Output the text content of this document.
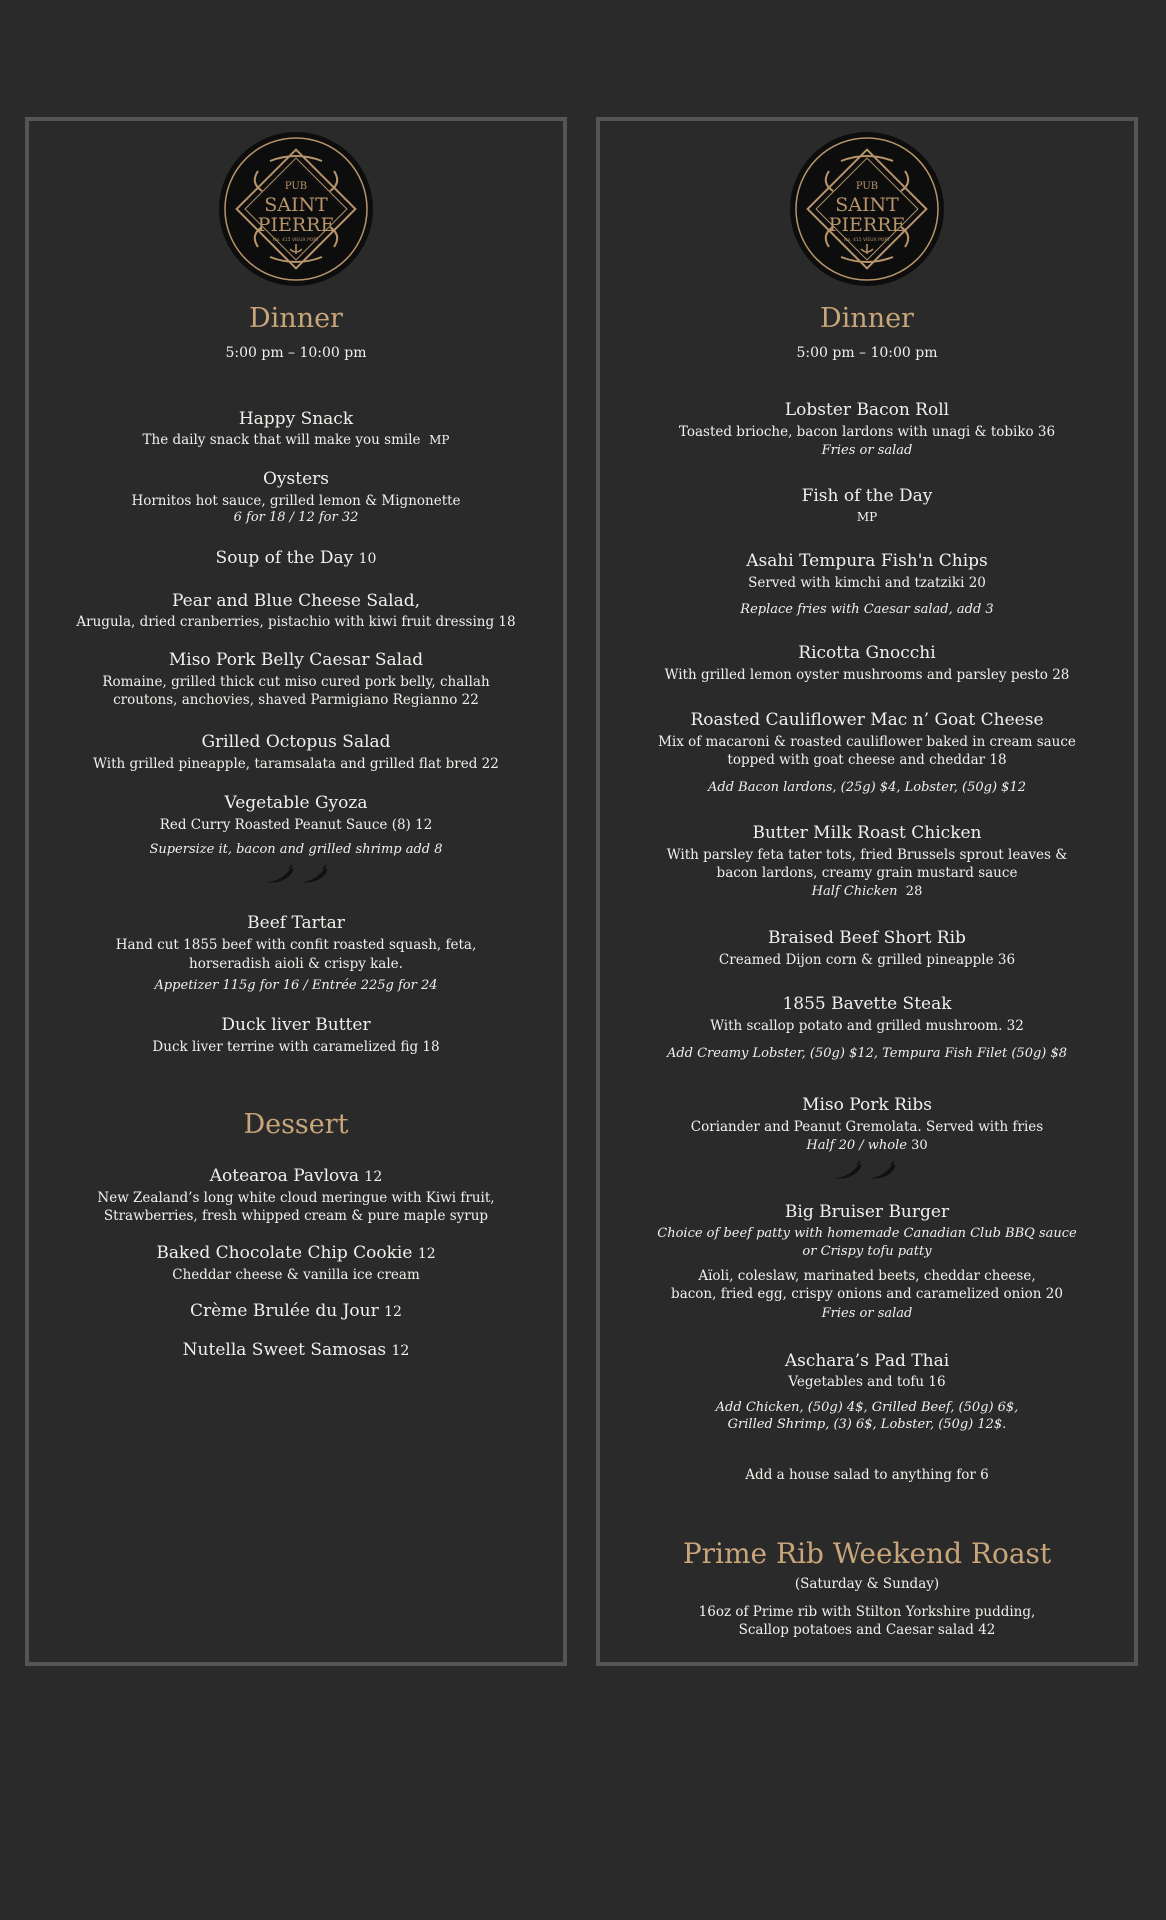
PUB
SAINT
PIERRE
No. 415 VIEUX PORT
Dinner
5:00 pm – 10:00 pm
Happy Snack
The daily snack that will make you smile MP
Oysters
Hornitos hot sauce, grilled lemon & Mignonette
6 for 18 / 12 for 32
Soup of the Day 10
Pear and Blue Cheese Salad,
Arugula, dried cranberries, pistachio with kiwi fruit dressing 18
Miso Pork Belly Caesar Salad
Romaine, grilled thick cut miso cured pork belly, challah
croutons, anchovies, shaved Parmigiano Regianno 22
Grilled Octopus Salad
With grilled pineapple, taramsalata and grilled flat bred 22
Vegetable Gyoza
Red Curry Roasted Peanut Sauce (8) 12
Supersize it, bacon and grilled shrimp add 8
Beef Tartar
Hand cut 1855 beef with confit roasted squash, feta,
horseradish aioli & crispy kale.
Appetizer 115g for 16 / Entrée 225g for 24
Duck liver Butter
Duck liver terrine with caramelized fig 18
Dessert
Aotearoa Pavlova 12
New Zealand’s long white cloud meringue with Kiwi fruit,
Strawberries, fresh whipped cream & pure maple syrup
Baked Chocolate Chip Cookie 12
Cheddar cheese & vanilla ice cream
Crème Brulée du Jour 12
Nutella Sweet Samosas 12
PUB
SAINT
PIERRE
No. 415 VIEUX PORT
Dinner
5:00 pm – 10:00 pm
Lobster Bacon Roll
Toasted brioche, bacon lardons with unagi & tobiko 36
Fries or salad
Fish of the Day
MP
Asahi Tempura Fish'n Chips
Served with kimchi and tzatziki 20
Replace fries with Caesar salad, add 3
Ricotta Gnocchi
With grilled lemon oyster mushrooms and parsley pesto 28
Roasted Cauliflower Mac n’ Goat Cheese
Mix of macaroni & roasted cauliflower baked in cream sauce
topped with goat cheese and cheddar 18
Add Bacon lardons, (25g) $4, Lobster, (50g) $12
Butter Milk Roast Chicken
With parsley feta tater tots, fried Brussels sprout leaves &
bacon lardons, creamy grain mustard sauce
Half Chicken 28
Braised Beef Short Rib
Creamed Dijon corn & grilled pineapple 36
1855 Bavette Steak
With scallop potato and grilled mushroom. 32
Add Creamy Lobster, (50g) $12, Tempura Fish Filet (50g) $8
Miso Pork Ribs
Coriander and Peanut Gremolata. Served with fries
Half 20 / whole 30
Big Bruiser Burger
Choice of beef patty with homemade Canadian Club BBQ sauce
or Crispy tofu patty
Aïoli, coleslaw, marinated beets, cheddar cheese,
bacon, fried egg, crispy onions and caramelized onion 20
Fries or salad
Aschara’s Pad Thai
Vegetables and tofu 16
Add Chicken, (50g) 4$, Grilled Beef, (50g) 6$,
Grilled Shrimp, (3) 6$, Lobster, (50g) 12$.
Add a house salad to anything for 6
Prime Rib Weekend Roast
(Saturday & Sunday)
16oz of Prime rib with Stilton Yorkshire pudding,
Scallop potatoes and Caesar salad 42
